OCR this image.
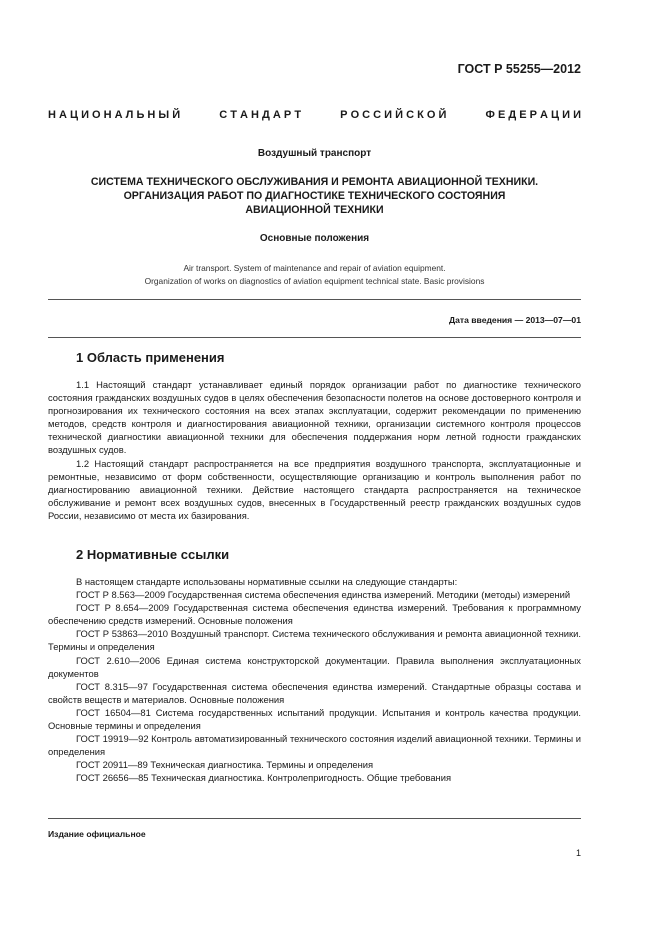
ГОСТ Р 55255—2012
Н А Ц И О Н А Л Ь Н Ы Й	С Т А Н Д А Р Т	Р О С С И Й С К О Й	Ф Е Д Е Р А Ц И И
Воздушный транспорт
СИСТЕМА ТЕХНИЧЕСКОГО ОБСЛУЖИВАНИЯ И РЕМОНТА АВИАЦИОННОЙ ТЕХНИКИ.
ОРГАНИЗАЦИЯ РАБОТ ПО ДИАГНОСТИКЕ ТЕХНИЧЕСКОГО СОСТОЯНИЯ
АВИАЦИОННОЙ ТЕХНИКИ
Основные положения
Air transport. System of maintenance and repair of aviation equipment.
Organization of works on diagnostics of aviation equipment technical state. Basic provisions
Дата введения — 2013—07—01
1 Область применения

1.1 Настоящий стандарт устанавливает единый порядок организации работ по диагностике технического состояния гражданских воздушных судов в целях обеспечения безопасности полетов на основе достоверного контроля и прогнозирования их технического состояния на всех этапах эксплуатации, содержит рекомендации по применению методов, средств контроля и диагностирования авиационной техники, организации системного контроля процессов технической диагностики авиационной техники для обеспечения поддержания норм летной годности гражданских воздушных судов.

1.2 Настоящий стандарт распространяется на все предприятия воздушного транспорта, эксплуатационные и ремонтные, независимо от форм собственности, осуществляющие организацию и контроль выполнения работ по диагностированию авиационной техники. Действие настоящего стандарта распространяется на техническое обслуживание и ремонт всех воздушных судов, внесенных в Государственный реестр гражданских воздушных судов России, независимо от места их базирования.

2 Нормативные ссылки

В настоящем стандарте использованы нормативные ссылки на следующие стандарты:

ГОСТ Р 8.563—2009 Государственная система обеспечения единства измерений. Методики (методы) измерений

ГОСТ Р 8.654—2009 Государственная система обеспечения единства измерений. Требования к программному обеспечению средств измерений. Основные положения

ГОСТ Р 53863—2010 Воздушный транспорт. Система технического обслуживания и ремонта авиационной техники. Термины и определения

ГОСТ 2.610—2006 Единая система конструкторской документации. Правила выполнения эксплуатационных документов

ГОСТ 8.315—97 Государственная система обеспечения единства измерений. Стандартные образцы состава и свойств веществ и материалов. Основные положения

ГОСТ 16504—81 Система государственных испытаний продукции. Испытания и контроль качества продукции. Основные термины и определения

ГОСТ 19919—92 Контроль автоматизированный технического состояния изделий авиационной техники. Термины и определения

ГОСТ 20911—89 Техническая диагностика. Термины и определения

ГОСТ 26656—85 Техническая диагностика. Контролепригодность. Общие требования

Издание официальное
1
